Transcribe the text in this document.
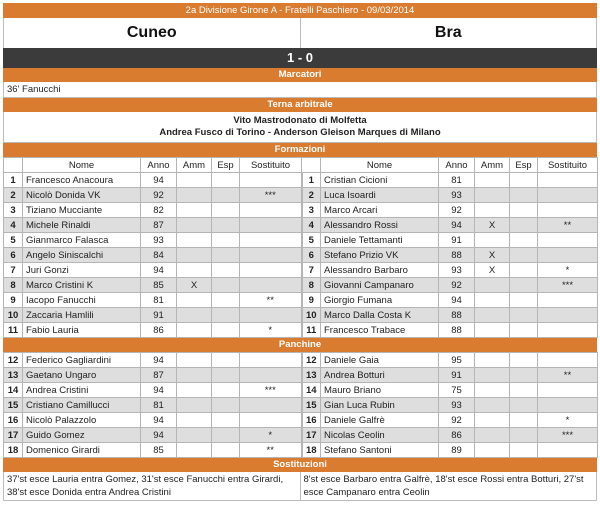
2a Divisione Girone A - Fratelli Paschiero - 09/03/2014
Cuneo	Bra
1 - 0
Marcatori
36' Fanucchi
Terna arbitrale
Vito Mastrodonato di Molfetta
Andrea Fusco di Torino - Anderson Gleison Marques di Milano
Formazioni
	Nome	Anno	Amm	Esp	Sostituito		Nome	Anno	Amm	Esp	Sostituito
1	Francesco Anacoura	94				1	Cristian Cicioni	81			
2	Nicolò Donida VK	92			***	2	Luca Isoardi	93			
3	Tiziano Mucciante	82				3	Marco Arcari	92			
4	Michele Rinaldi	87				4	Alessandro Rossi	94	X		**
5	Gianmarco Falasca	93				5	Daniele Tettamanti	91			
6	Angelo Siniscalchi	84				6	Stefano Prizio VK	88	X		
7	Juri Gonzi	94				7	Alessandro Barbaro	93	X		*
8	Marco Cristini K	85	X			8	Giovanni Campanaro	92			***
9	Iacopo Fanucchi	81			**	9	Giorgio Fumana	94			
10	Zaccaria Hamlili	91				10	Marco Dalla Costa K	88			
11	Fabio Lauria	86			*	11	Francesco Trabace	88			
Panchine
12	Federico Gagliardini	94				12	Daniele Gaia	95			
13	Gaetano Ungaro	87				13	Andrea Botturi	91			**
14	Andrea Cristini	94			***	14	Mauro Briano	75			
15	Cristiano Camillucci	81				15	Gian Luca Rubin	93			
16	Nicolò Palazzolo	94				16	Daniele Galfrè	92			*
17	Guido Gomez	94			*	17	Nicolas Ceolin	86			***
18	Domenico Girardi	85			**	18	Stefano Santoni	89			
Sostituzioni
37'st esce Lauria entra Gomez, 31'st esce Fanucchi entra Girardi, 38'st esce Donida entra Andrea Cristini
8'st esce Barbaro entra Galfrè, 18'st esce Rossi entra Botturi, 27'st esce Campanaro entra Ceolin
